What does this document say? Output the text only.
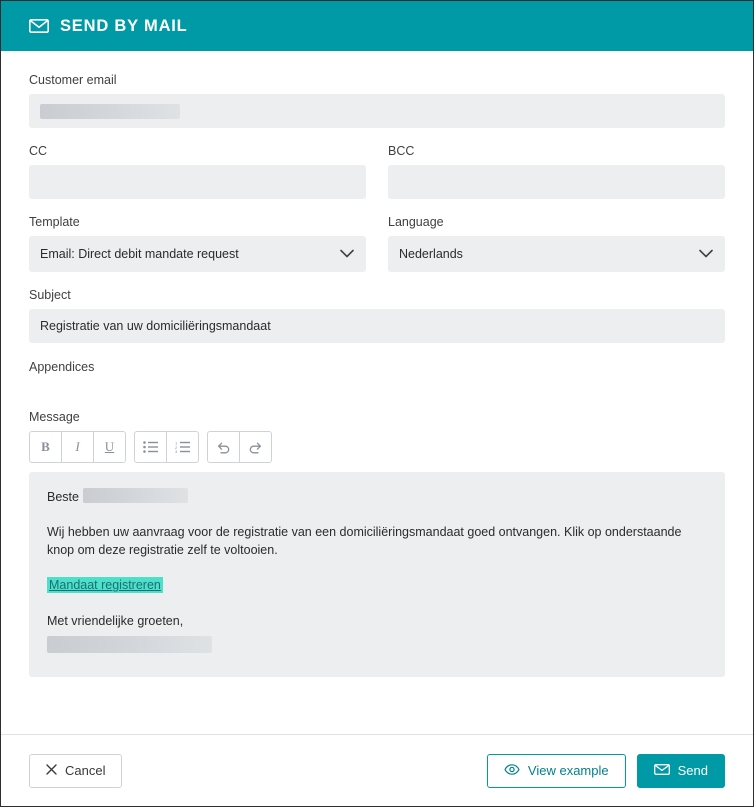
SEND BY MAIL
Customer email
CC	BCC
Template
Email: Direct debit mandate request
Language
Nederlands
Subject
Registratie van uw domiciliëringsmandaat
Appendices
Message
B	I	U	1
2
3

Beste

Wij hebben uw aanvraag voor de registratie van een domiciliëringsmandaat goed ontvangen. Klik op onderstaande knop om deze registratie zelf te voltooien.

Mandaat registreren

Met vriendelijke groeten,

Cancel	View example	Send
